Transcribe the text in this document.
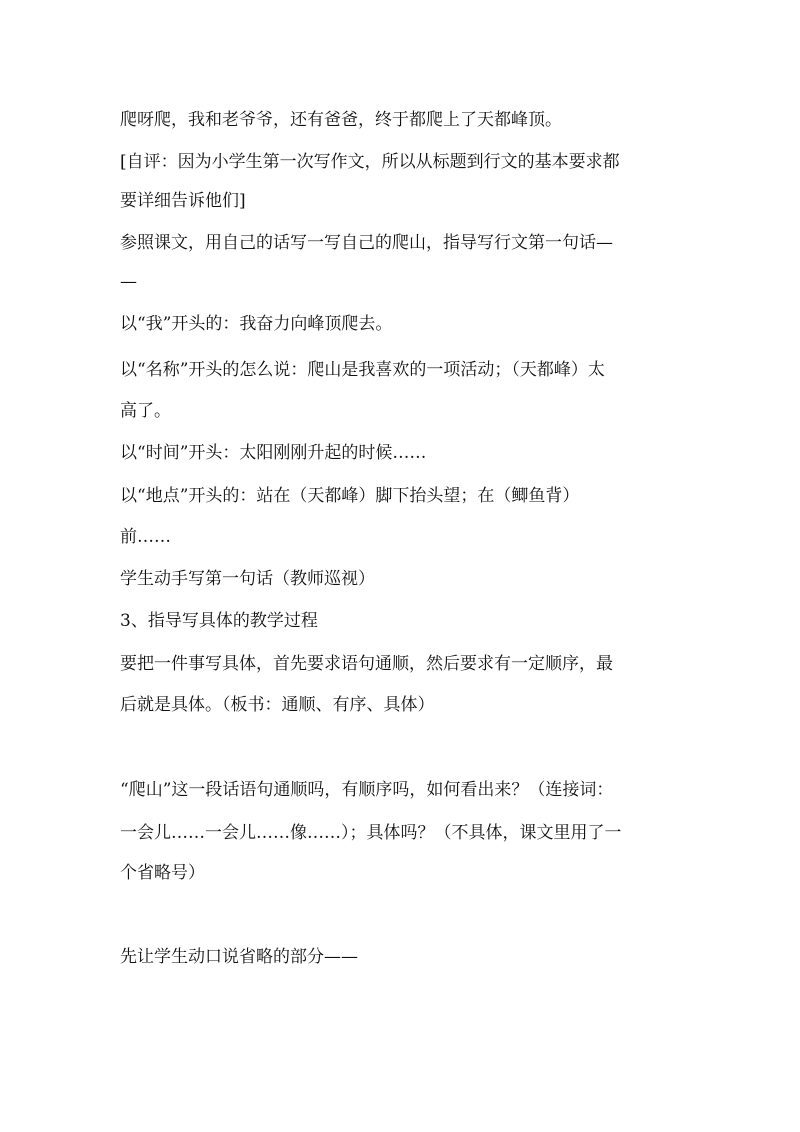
爬呀爬，我和老爷爷，还有爸爸，终于都爬上了天都峰顶。
[自评：因为小学生第一次写作文，所以从标题到行文的基本要求都
要详细告诉他们]
参照课文，用自己的话写一写自己的爬山，指导写行文第一句话—
—
以“我”开头的：我奋力向峰顶爬去。
以“名称”开头的怎么说：爬山是我喜欢的一项活动；（天都峰）太
高了。
以“时间”开头：太阳刚刚升起的时候……
以“地点”开头的：站在（天都峰）脚下抬头望；在（鲫鱼背）
前……
学生动手写第一句话（教师巡视）
3、指导写具体的教学过程
要把一件事写具体，首先要求语句通顺，然后要求有一定顺序，最
后就是具体。（板书：通顺、有序、具体）
“爬山”这一段话语句通顺吗，有顺序吗，如何看出来？（连接词：
一会儿……一会儿……像……）；具体吗？（不具体，课文里用了一
个省略号）
先让学生动口说省略的部分——
